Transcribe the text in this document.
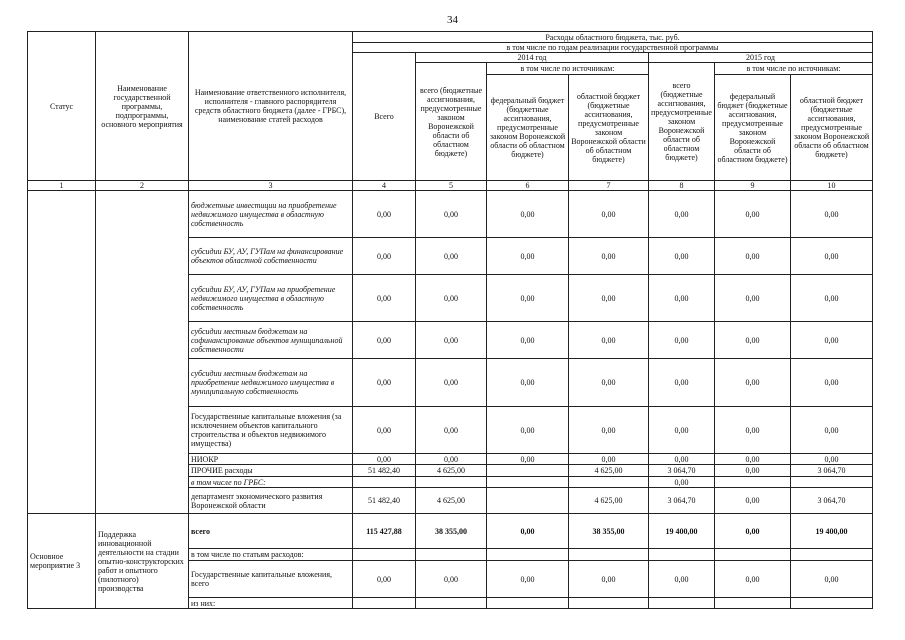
34
Статус	Наименование государственной программы, подпрограммы, основного мероприятия	Наименование ответственного исполнителя, исполнителя - главного распорядителя средств областного бюджета (далее - ГРБС), наименование статей расходов	Расходы областного бюджета, тыс. руб.						
			в том числе по годам реализации государственной программы						
			Всего	2014 год			2015 год		
				всего (бюджетные ассигнования, предусмотренные законом Воронежской области об областном бюджете)	в том числе по источникам:		всего (бюджетные ассигнования, предусмотренные законом Воронежской области об областном бюджете)	в том числе по источникам:	
					федеральный бюджет (бюджетные ассигнования, предусмотренные законом Воронежской области об областном бюджете)	областной бюджет (бюджетные ассигнования, предусмотренные законом Воронежской области об областном бюджете)		федеральный бюджет (бюджетные ассигнования, предусмотренные законом Воронежской области об областном бюджете)	областной бюджет (бюджетные ассигнования, предусмотренные законом Воронежской области об областном бюджете)
1	2	3	4	5	6	7	8	9	10
		бюджетные инвестиции на приобретение недвижимого имущества в областную собственность	0,00	0,00	0,00	0,00	0,00	0,00	0,00
		субсидии БУ, АУ, ГУПам на финансирование объектов областной собственности	0,00	0,00	0,00	0,00	0,00	0,00	0,00
		субсидии БУ, АУ, ГУПам на приобретение недвижимого имущества в областную собственность	0,00	0,00	0,00	0,00	0,00	0,00	0,00
		субсидии местным бюджетам на софинансирование объектов муниципальной собственности	0,00	0,00	0,00	0,00	0,00	0,00	0,00
		субсидии местным бюджетам на приобретение недвижимого имущества в муниципальную собственность	0,00	0,00	0,00	0,00	0,00	0,00	0,00
		Государственные капитальные вложения (за исключением объектов капитального строительства и объектов недвижимого имущества)	0,00	0,00	0,00	0,00	0,00	0,00	0,00
		НИОКР	0,00	0,00	0,00	0,00	0,00	0,00	0,00
		ПРОЧИЕ расходы	51 482,40	4 625,00		4 625,00	3 064,70	0,00	3 064,70
		в том числе по ГРБС:					0,00		
		департамент экономического развития Воронежской области	51 482,40	4 625,00		4 625,00	3 064,70	0,00	3 064,70
Основное мероприятие 3	Поддержка инновационной деятельности на стадии опытно-конструкторских работ и опытного (пилотного) производства	всего	115 427,88	38 355,00	0,00	38 355,00	19 400,00	0,00	19 400,00
		в том числе по статьям расходов:							
		Государственные капитальные вложения, всего	0,00	0,00	0,00	0,00	0,00	0,00	0,00
		из них:							
